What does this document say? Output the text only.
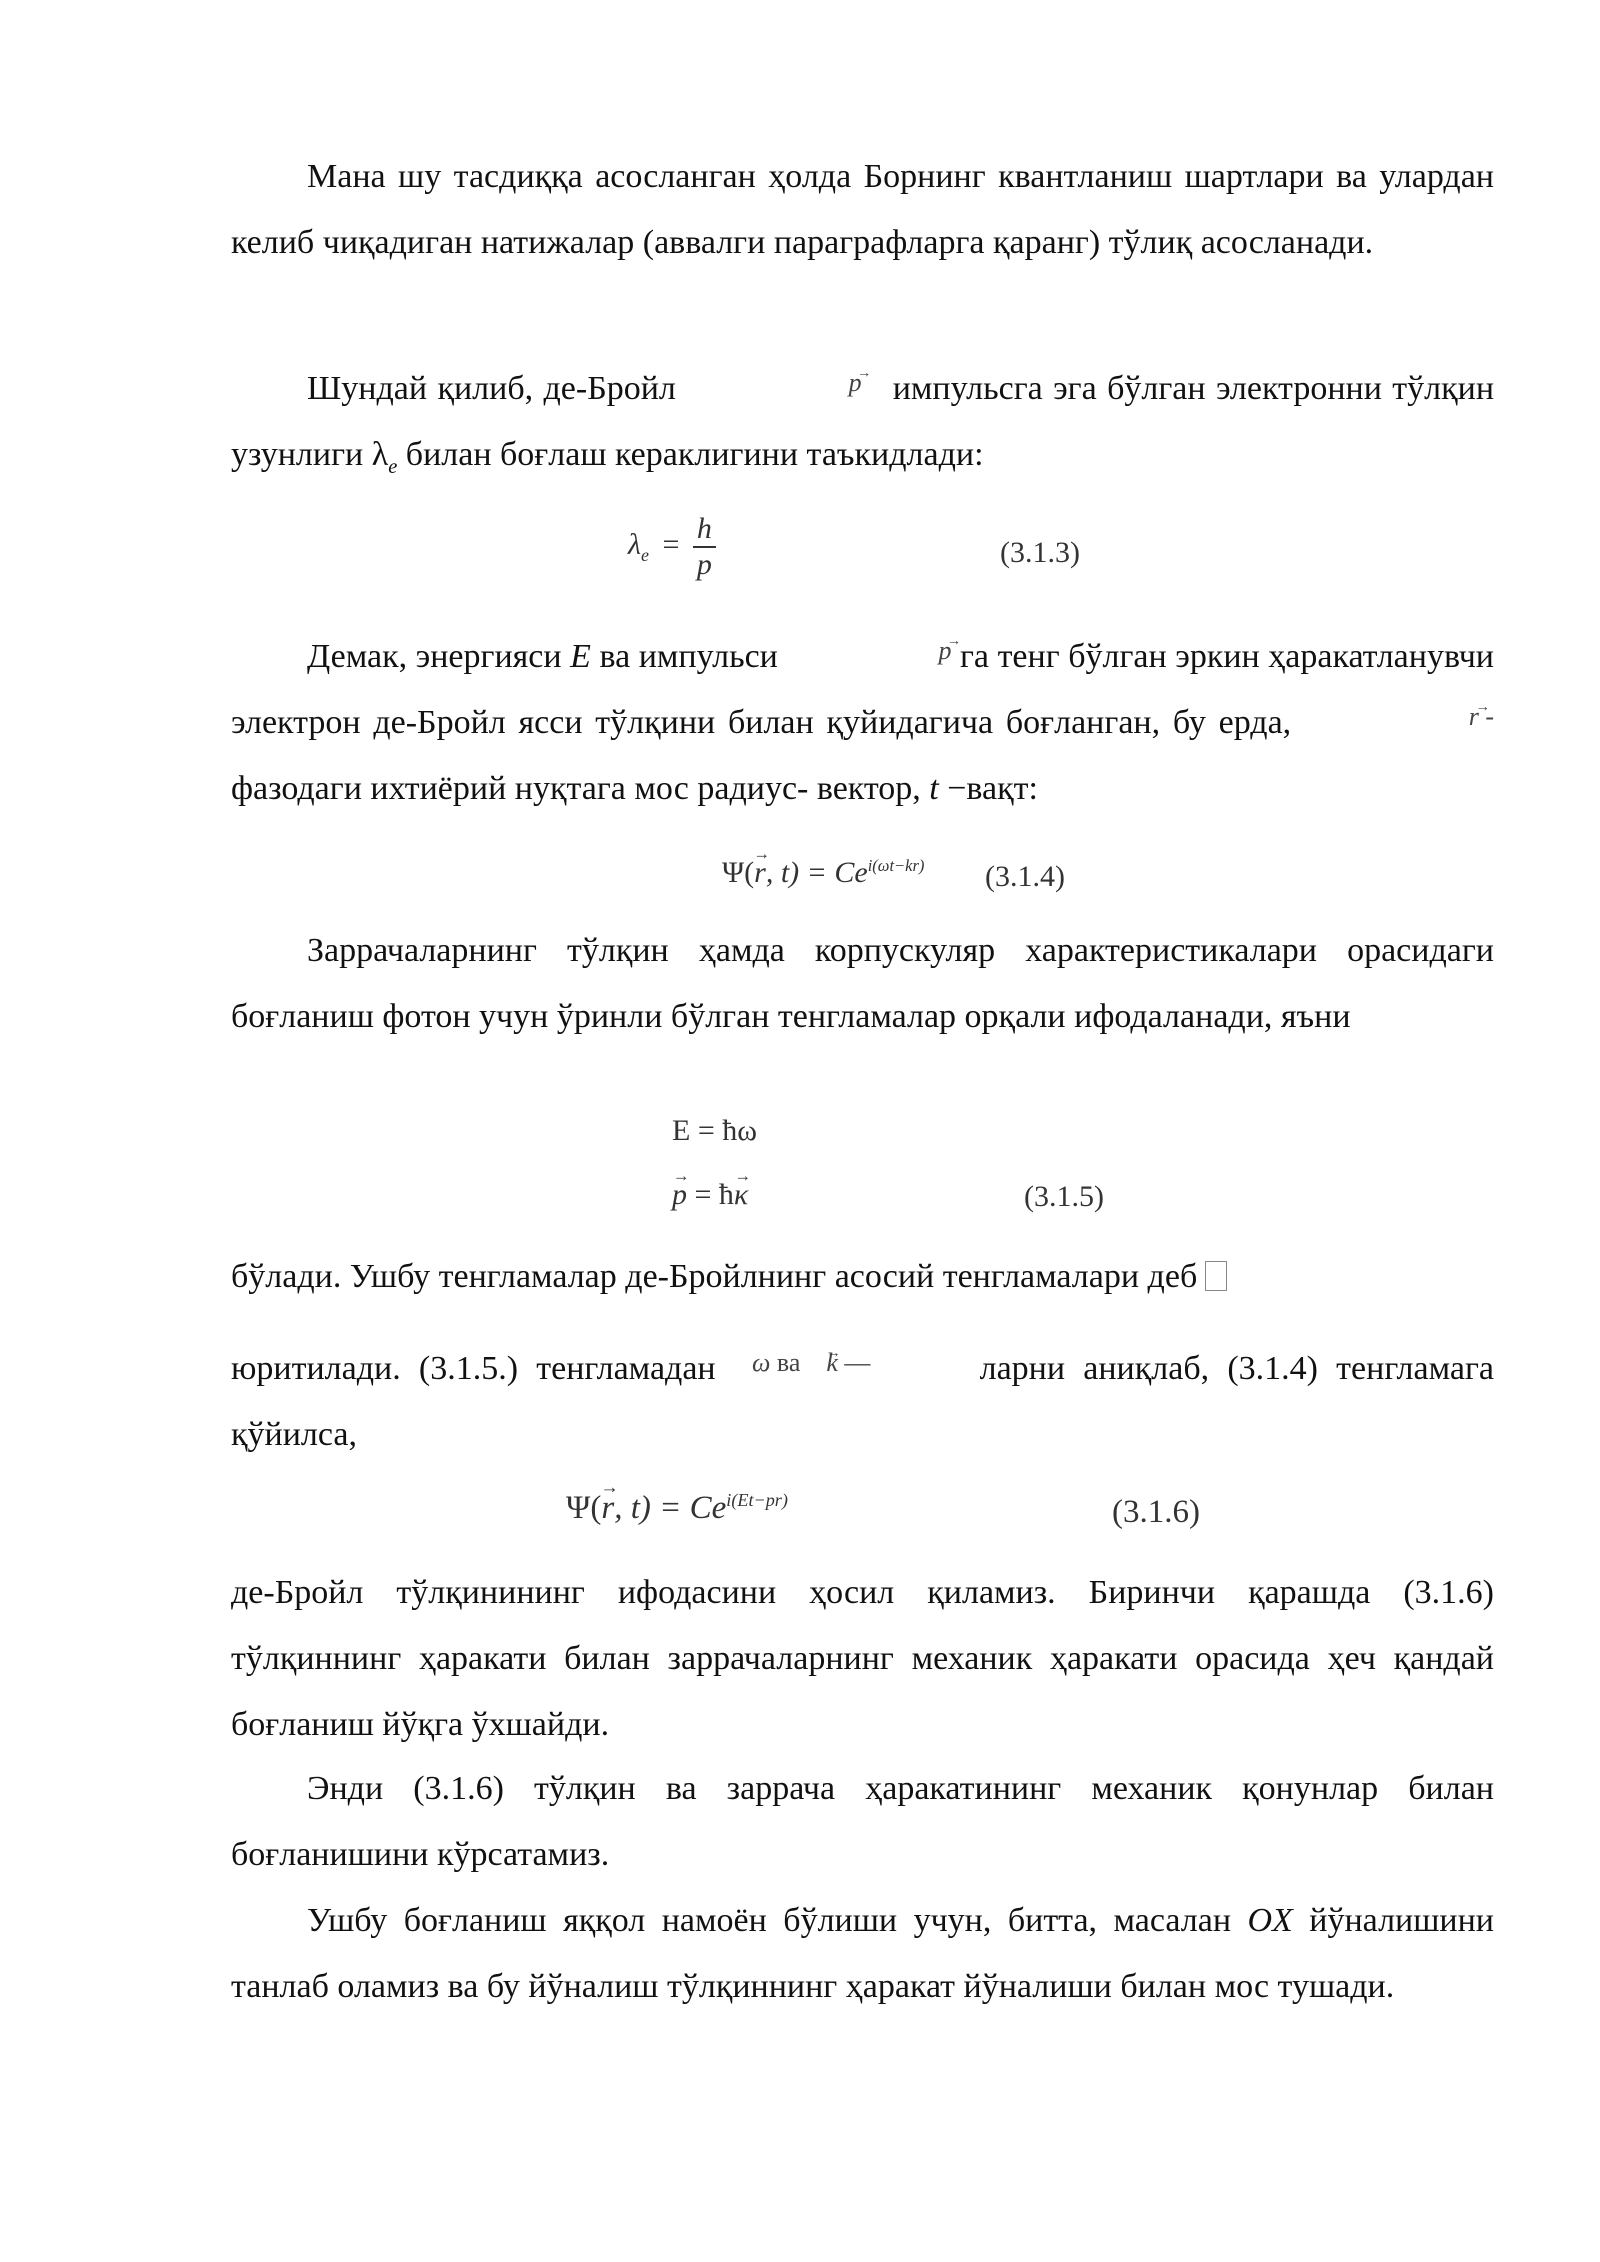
Мана шу тасдиққа асосланган ҳолда Борнинг квантланиш шартлари ва улардан келиб чиқадиган натижалар (аввалги параграфларга қаранг) тўлиқ асосланади.

Шундай қилиб, де-Бройл	→ p импульсга эга бўлган электронни тўлқин узунлиги $\lambda_e$ билан боғлаш кераклигини таъкидлади:

$\lambda_e = \frac{h}{p}$	(3.1.3)

Демак, энергияси E ва импульси	→ p га тенг бўлган эркин ҳаракатланувчи электрон де-Бройл ясси тўлқини билан қуйидагича боғланган, бу ерда,	→ r - фазодаги ихтиёрий нуқтага мос радиус- вектор, t −вақт:

Ψ(→ r, $t) = Ce^{i(\omega t-kr)}$ (3.1.4)

Заррачаларнинг тўлқин ҳамда корпускуляр характеристикалари орасидаги боғланиш фотон учун ўринли бўлган тенгламалар орқали ифодаланади, яъни

E = ħω
→ p = ħ→ κ	(3.1.5)

бўлади. Ушбу тенгламалар де-Бройлнинг асосий тенгламалари деб

юритилади. (3.1.5.) тенгламадан ω ва    → k —	ларни аниқлаб, (3.1.4) тенгламага қўйилса,

Ψ(→ r, $t) = Ce^{i(Et-pr)}$	(3.1.6)

де-Бройл тўлқинининг ифодасини ҳосил қиламиз. Биринчи қарашда (3.1.6) тўлқиннинг ҳаракати билан заррачаларнинг механик ҳаракати орасида ҳеч қандай боғланиш йўқга ўхшайди.

Энди (3.1.6) тўлқин ва заррача ҳаракатининг механик қонунлар билан боғланишини кўрсатамиз.

Ушбу боғланиш яққол намоён бўлиши учун, битта, масалан OX йўналишини танлаб оламиз ва бу йўналиш тўлқиннинг ҳаракат йўналиши билан мос тушади.
